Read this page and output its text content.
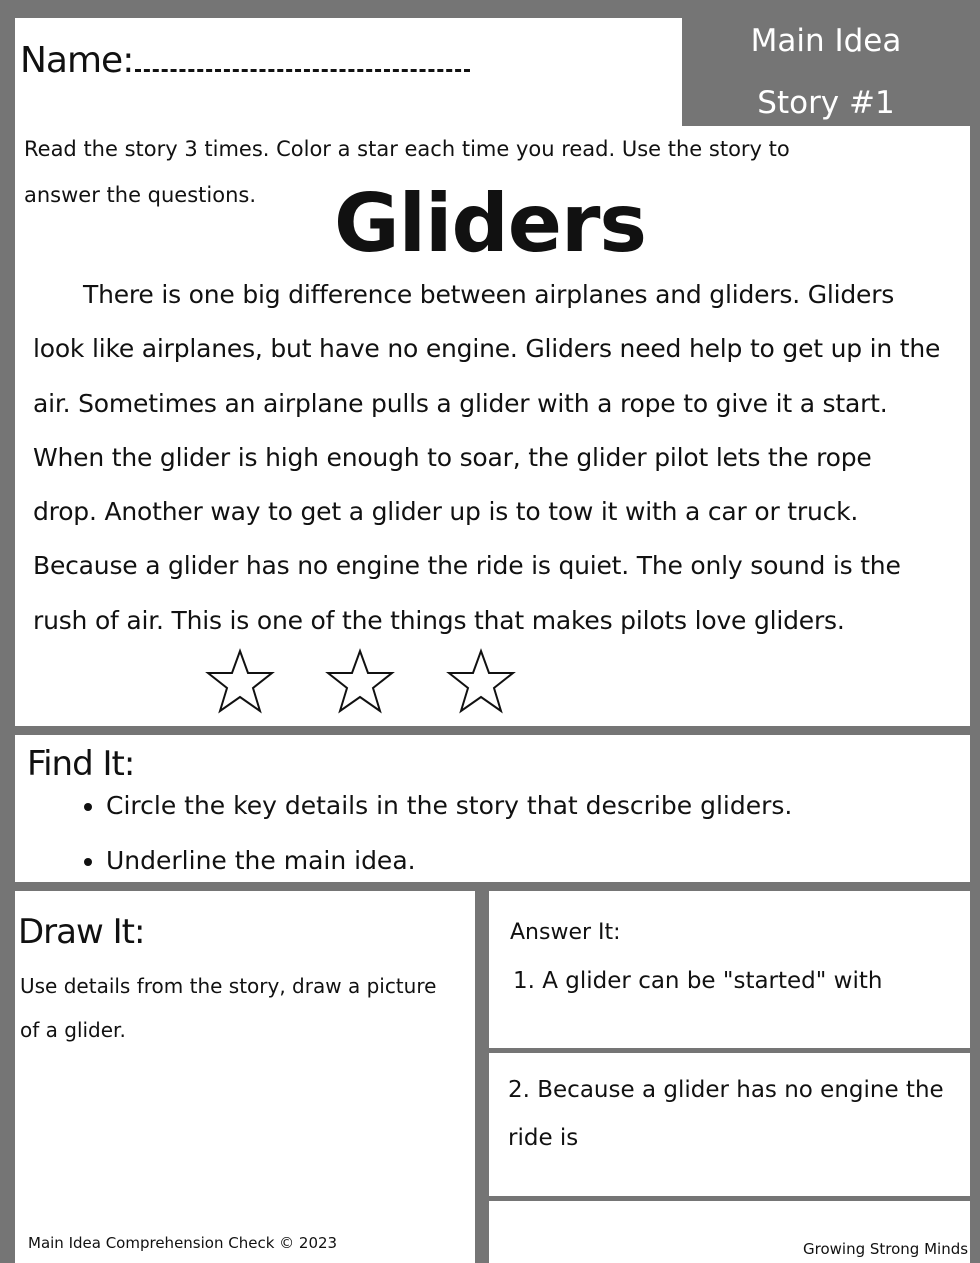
Main Idea
Story #1
Name:
Read the story 3 times. Color a star each time you read. Use the story to answer the questions. Gliders
There is one big difference between airplanes and gliders. Gliders look like airplanes, but have no engine. Gliders need help to get up in the air. Sometimes an airplane pulls a glider with a rope to give it a start. When the glider is high enough to soar, the glider pilot lets the rope drop. Another way to get a glider up is to tow it with a car or truck. Because a glider has no engine the ride is quiet. The only sound is the rush of air. This is one of the things that makes pilots love gliders.
Find It:
• Circle the key details in the story that describe gliders.
• Underline the main idea.
Draw It:
Use details from the story, draw a picture of a glider.
Answer It:
1. A glider can be "started" with
2. Because a glider has no engine the ride is
Main Idea Comprehension Check © 2023	Growing Strong Minds
